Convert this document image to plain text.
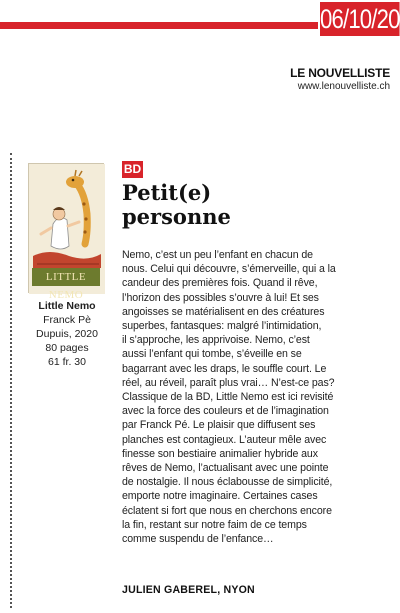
06/10/20
LE NOUVELLISTE
www.lenouvelliste.ch
LITTLE NEMO
Little Nemo
Franck Pè
Dupuis, 2020
80 pages
61 fr. 30
BD
Petit(e)
personne

Nemo, c’est un peu l’enfant en chacun de

nous. Celui qui découvre, s’émerveille, qui a la

candeur des premières fois. Quand il rêve,

l’horizon des possibles s’ouvre à lui! Et ses

angoisses se matérialisent en des créatures

superbes, fantasques: malgré l’intimidation,

il s’approche, les apprivoise. Nemo, c’est

aussi l’enfant qui tombe, s’éveille en se

bagarrant avec les draps, le souffle court. Le

réel, au réveil, paraît plus vrai… N’est-ce pas?

Classique de la BD, Little Nemo est ici revisité

avec la force des couleurs et de l’imagination

par Franck Pé. Le plaisir que diffusent ses

planches est contagieux. L’auteur mêle avec

finesse son bestiaire animalier hybride aux

rêves de Nemo, l’actualisant avec une pointe

de nostalgie. Il nous éclabousse de simplicité,

emporte notre imaginaire. Certaines cases

éclatent si fort que nous en cherchons encore

la fin, restant sur notre faim de ce temps

comme suspendu de l’enfance…

JULIEN GABEREL, NYON
